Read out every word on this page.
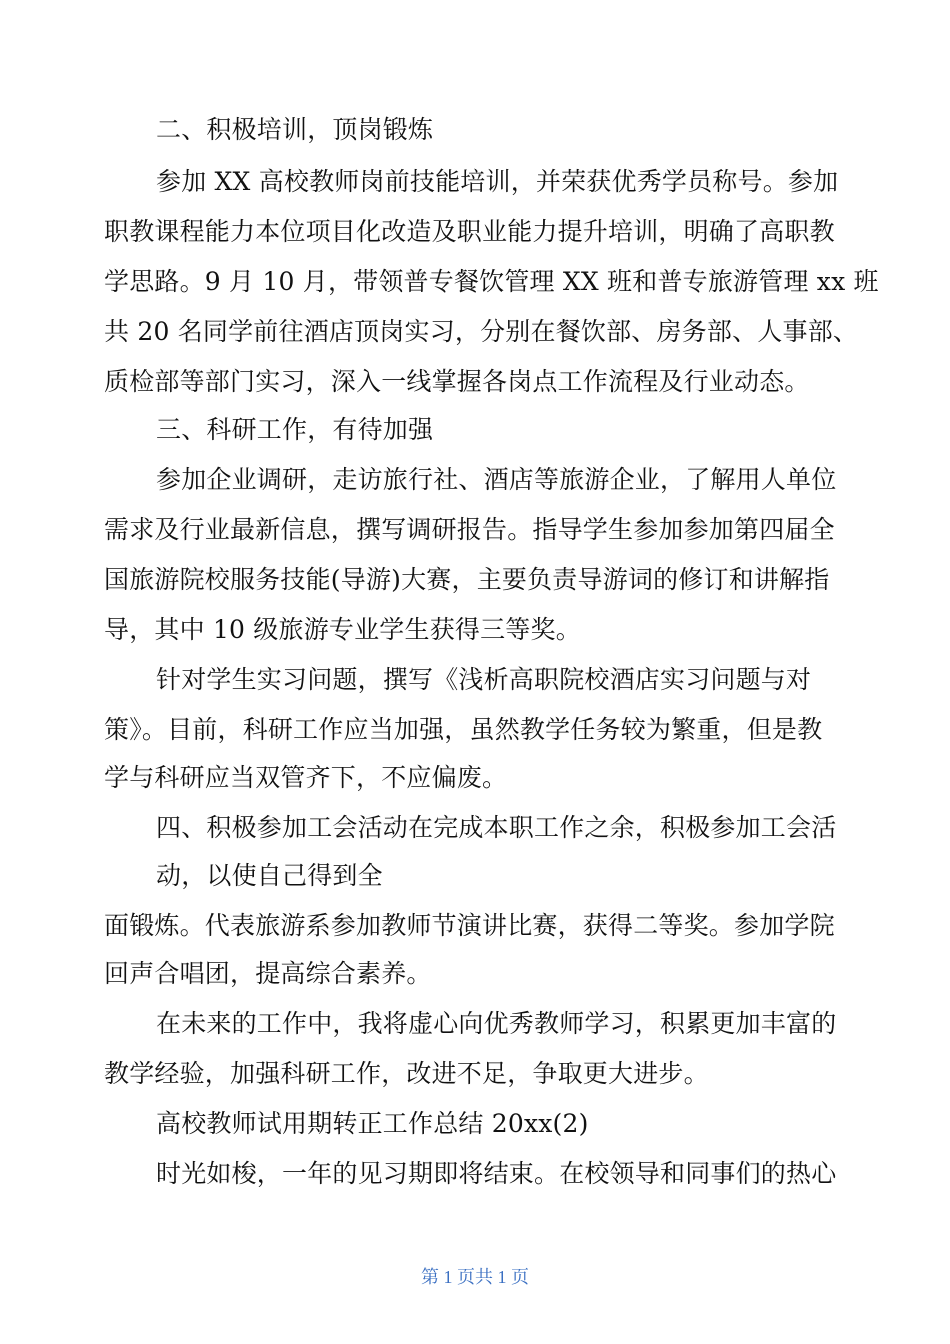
二、积极培训，顶岗锻炼
参加 XX 高校教师岗前技能培训，并荣获优秀学员称号。参加
职教课程能力本位项目化改造及职业能力提升培训，明确了高职教
学思路。9 月 10 月，带领普专餐饮管理 XX 班和普专旅游管理 xx 班
共 20 名同学前往酒店顶岗实习，分别在餐饮部、房务部、人事部、
质检部等部门实习，深入一线掌握各岗点工作流程及行业动态。
三、科研工作，有待加强
参加企业调研，走访旅行社、酒店等旅游企业，了解用人单位
需求及行业最新信息，撰写调研报告。指导学生参加参加第四届全
国旅游院校服务技能(导游)大赛，主要负责导游词的修订和讲解指
导，其中 10 级旅游专业学生获得三等奖。
针对学生实习问题，撰写《浅析高职院校酒店实习问题与对
策》。目前，科研工作应当加强，虽然教学任务较为繁重，但是教
学与科研应当双管齐下，不应偏废。
四、积极参加工会活动在完成本职工作之余，积极参加工会活
动，以使自己得到全
面锻炼。代表旅游系参加教师节演讲比赛，获得二等奖。参加学院
回声合唱团，提高综合素养。
在未来的工作中，我将虚心向优秀教师学习，积累更加丰富的
教学经验，加强科研工作，改进不足，争取更大进步。
高校教师试用期转正工作总结 20xx(2)
时光如梭，一年的见习期即将结束。在校领导和同事们的热心
第 1 页共 1 页
